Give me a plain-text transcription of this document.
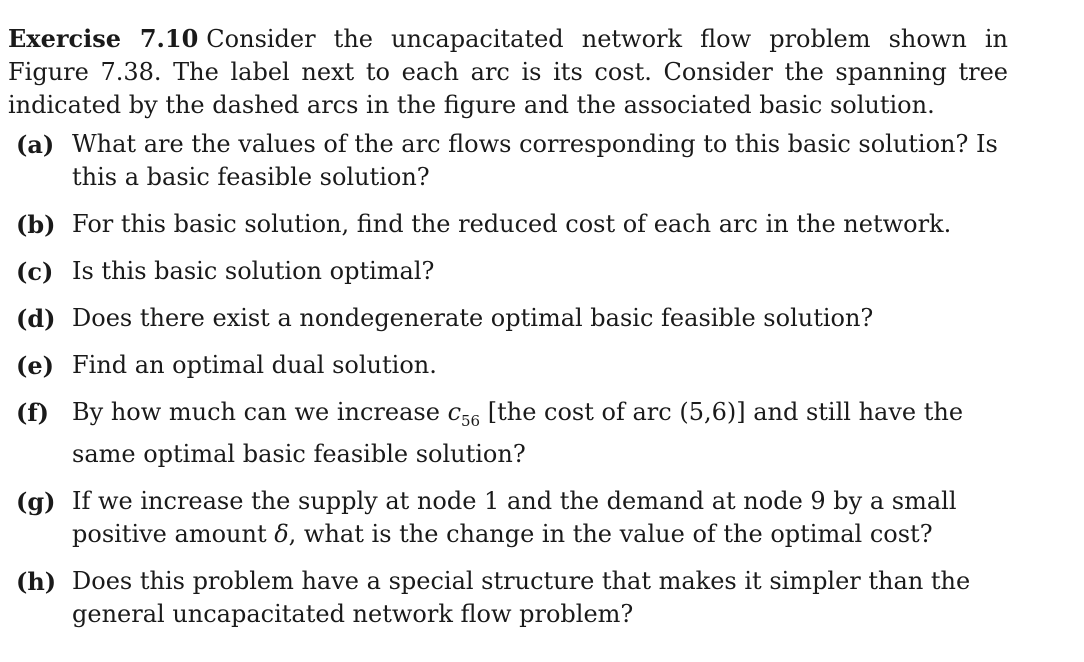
Exercise 7.10 Consider the uncapacitated network flow problem shown in Figure 7.38. The label next to each arc is its cost. Consider the spanning tree indicated by the dashed arcs in the figure and the associated basic solution.

(a) What are the values of the arc flows corresponding to this basic solution? Is this a basic feasible solution?
(b) For this basic solution, find the reduced cost of each arc in the network.
(c) Is this basic solution optimal?
(d) Does there exist a nondegenerate optimal basic feasible solution?
(e) Find an optimal dual solution.
(f) By how much can we increase $c_{56}$ [the cost of arc (5,6)] and still have the same optimal basic feasible solution?
(g) If we increase the supply at node 1 and the demand at node 9 by a small positive amount δ, what is the change in the value of the optimal cost?
(h) Does this problem have a special structure that makes it simpler than the general uncapacitated network flow problem?
